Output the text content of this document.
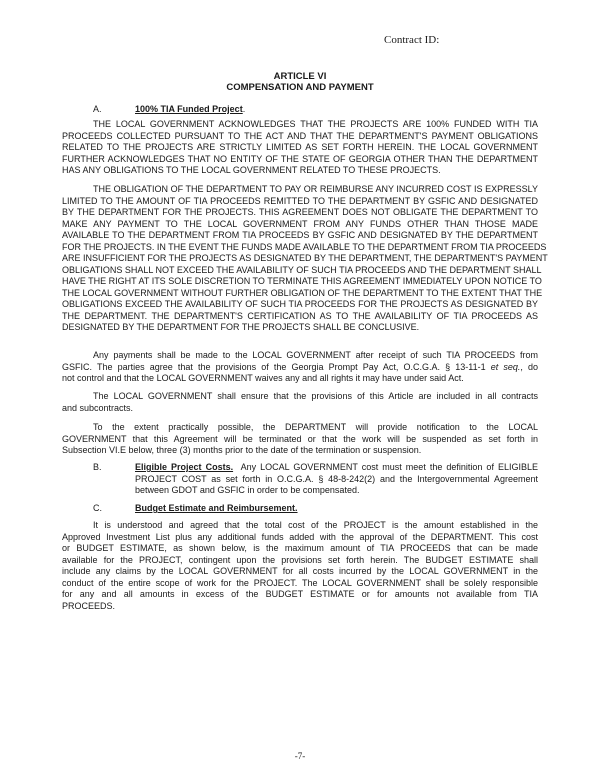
Contract ID:
ARTICLE VI
COMPENSATION AND PAYMENT
A.	100% TIA Funded Project.
THE LOCAL GOVERNMENT ACKNOWLEDGES THAT THE PROJECTS ARE 100% FUNDED WITH TIA
PROCEEDS COLLECTED PURSUANT TO THE ACT AND THAT THE DEPARTMENT'S PAYMENT OBLIGATIONS
RELATED TO THE PROJECTS ARE STRICTLY LIMITED AS SET FORTH HEREIN. THE LOCAL GOVERNMENT
FURTHER ACKNOWLEDGES THAT NO ENTITY OF THE STATE OF GEORGIA OTHER THAN THE DEPARTMENT
HAS ANY OBLIGATIONS TO THE LOCAL GOVERNMENT RELATED TO THESE PROJECTS.
THE OBLIGATION OF THE DEPARTMENT TO PAY OR REIMBURSE ANY INCURRED COST IS EXPRESSLY
LIMITED TO THE AMOUNT OF TIA PROCEEDS REMITTED TO THE DEPARTMENT BY GSFIC AND DESIGNATED
BY THE DEPARTMENT FOR THE PROJECTS. THIS AGREEMENT DOES NOT OBLIGATE THE DEPARTMENT TO
MAKE ANY PAYMENT TO THE LOCAL GOVERNMENT FROM ANY FUNDS OTHER THAN THOSE MADE
AVAILABLE TO THE DEPARTMENT FROM TIA PROCEEDS BY GSFIC AND DESIGNATED BY THE DEPARTMENT
FOR THE PROJECTS. IN THE EVENT THE FUNDS MADE AVAILABLE TO THE DEPARTMENT FROM TIA PROCEEDS
ARE INSUFFICIENT FOR THE PROJECTS AS DESIGNATED BY THE DEPARTMENT, THE DEPARTMENT'S PAYMENT
OBLIGATIONS SHALL NOT EXCEED THE AVAILABILITY OF SUCH TIA PROCEEDS AND THE DEPARTMENT SHALL
HAVE THE RIGHT AT ITS SOLE DISCRETION TO TERMINATE THIS AGREEMENT IMMEDIATELY UPON NOTICE TO
THE LOCAL GOVERNMENT WITHOUT FURTHER OBLIGATION OF THE DEPARTMENT TO THE EXTENT THAT THE
OBLIGATIONS EXCEED THE AVAILABILITY OF SUCH TIA PROCEEDS FOR THE PROJECTS AS DESIGNATED BY
THE DEPARTMENT. THE DEPARTMENT'S CERTIFICATION AS TO THE AVAILABILITY OF TIA PROCEEDS AS
DESIGNATED BY THE DEPARTMENT FOR THE PROJECTS SHALL BE CONCLUSIVE.
Any payments shall be made to the LOCAL GOVERNMENT after receipt of such TIA PROCEEDS from
GSFIC. The parties agree that the provisions of the Georgia Prompt Pay Act, O.C.G.A. § 13-11-1 et seq., do
not control and that the LOCAL GOVERNMENT waives any and all rights it may have under said Act.
The LOCAL GOVERNMENT shall ensure that the provisions of this Article are included in all contracts
and subcontracts.
To the extent practically possible, the DEPARTMENT will provide notification to the LOCAL
GOVERNMENT that this Agreement will be terminated or that the work will be suspended as set forth in
Subsection VI.E below, three (3) months prior to the date of the termination or suspension.
B.	Eligible Project Costs.  Any LOCAL GOVERNMENT cost must meet the definition of ELIGIBLE
PROJECT COST as set forth in O.C.G.A. § 48-8-242(2) and the Intergovernmental Agreement
between GDOT and GSFIC in order to be compensated.
C.	Budget Estimate and Reimbursement.
It is understood and agreed that the total cost of the PROJECT is the amount established in the
Approved Investment List plus any additional funds added with the approval of the DEPARTMENT. This cost
or BUDGET ESTIMATE, as shown below, is the maximum amount of TIA PROCEEDS that can be made
available for the PROJECT, contingent upon the provisions set forth herein. The BUDGET ESTIMATE shall
include any claims by the LOCAL GOVERNMENT for all costs incurred by the LOCAL GOVERNMENT in the
conduct of the entire scope of work for the PROJECT. The LOCAL GOVERNMENT shall be solely responsible
for any and all amounts in excess of the BUDGET ESTIMATE or for amounts not available from TIA
PROCEEDS.
-7-
